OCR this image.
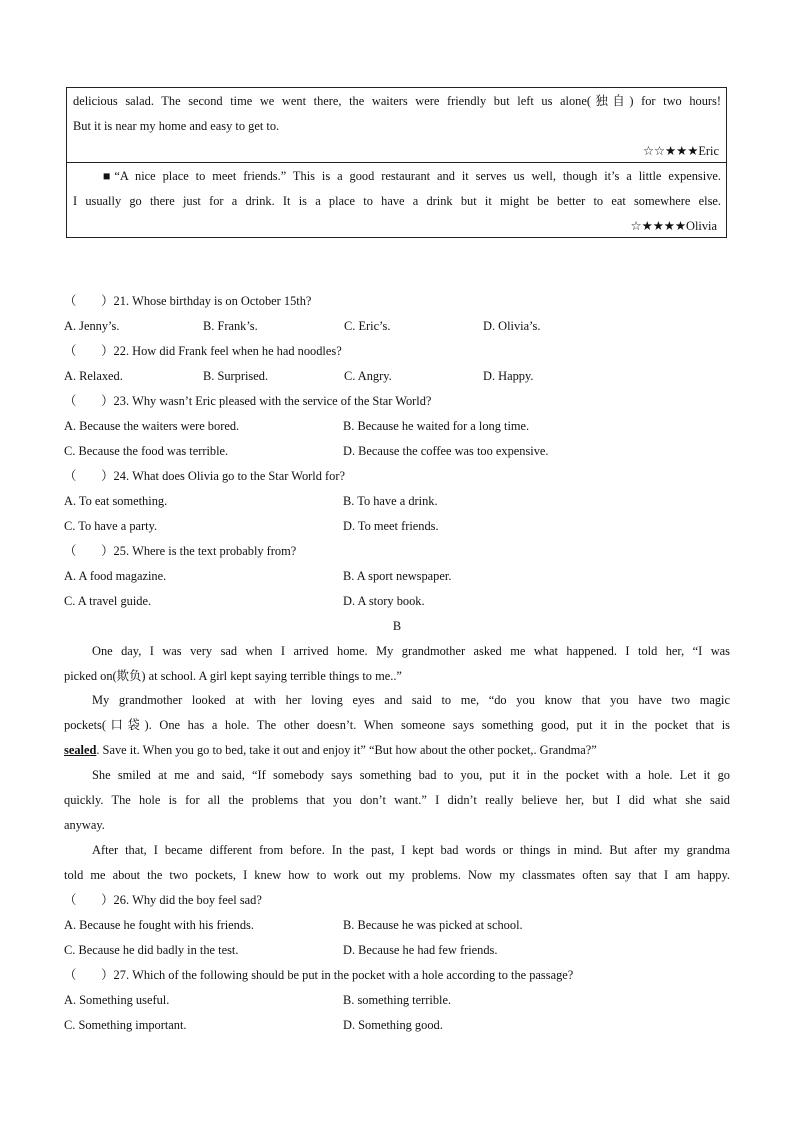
delicious salad. The second time we went there, the waiters were friendly but left us alone(独自) for two hours!
But it is near my home and easy to get to.
☆☆★★★Eric
■“A nice place to meet friends.” This is a good restaurant and it serves us well, though it’s a little expensive.
I usually go there just for a drink. It is a place to have a drink but it might be better to eat somewhere else.
☆★★★★Olivia
（　　）21. Whose birthday is on October 15th?
A. Jenny’s.	B. Frank’s.	C. Eric’s.	D. Olivia’s.
（　　）22. How did Frank feel when he had noodles?
A. Relaxed.	B. Surprised.	C. Angry.	D. Happy.
（　　）23. Why wasn’t Eric pleased with the service of the Star World?
A. Because the waiters were bored.	B. Because he waited for a long time.
C. Because the food was terrible.	D. Because the coffee was too expensive.
（　　）24. What does Olivia go to the Star World for?
A. To eat something.	B. To have a drink.
C. To have a party.	D. To meet friends.
（　　）25. Where is the text probably from?
A. A food magazine.	B. A sport newspaper.
C. A travel guide.	D. A story book.
B
One day, I was very sad when I arrived home. My grandmother asked me what happened. I told her, “I was
picked on(欺负) at school. A girl kept saying terrible things to me..”
My grandmother looked at with her loving eyes and said to me, “do you know that you have two magic
pockets(口袋). One has a hole. The other doesn’t. When someone says something good, put it in the pocket that is
sealed. Save it. When you go to bed, take it out and enjoy it” “But how about the other pocket,. Grandma?”
She smiled at me and said, “If somebody says something bad to you, put it in the pocket with a hole. Let it go
quickly. The hole is for all the problems that you don’t want.” I didn’t really believe her, but I did what she said
anyway.
After that, I became different from before. In the past, I kept bad words or things in mind. But after my grandma
told me about the two pockets, I knew how to work out my problems. Now my classmates often say that I am happy.
（　　）26. Why did the boy feel sad?
A. Because he fought with his friends.	B. Because he was picked at school.
C. Because he did badly in the test.	D. Because he had few friends.
（　　）27. Which of the following should be put in the pocket with a hole according to the passage?
A. Something useful.	B. something terrible.
C. Something important.	D. Something good.
